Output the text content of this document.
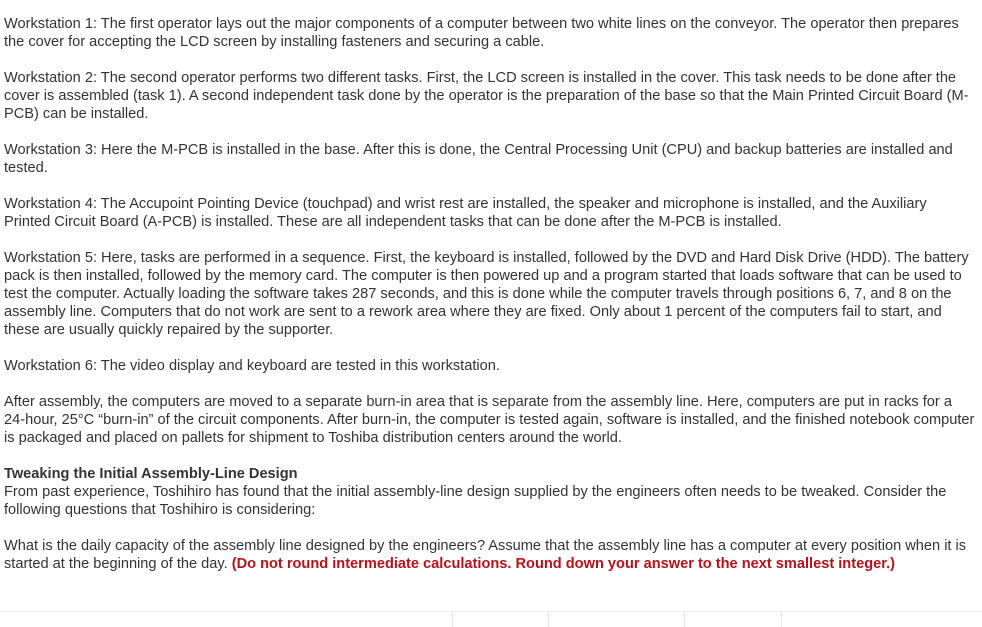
Workstation 1: The first operator lays out the major components of a computer between two white lines on the conveyor. The operator then prepares the cover for accepting the LCD screen by installing fasteners and securing a cable.

Workstation 2: The second operator performs two different tasks. First, the LCD screen is installed in the cover. This task needs to be done after the cover is assembled (task 1). A second independent task done by the operator is the preparation of the base so that the Main Printed Circuit Board (M-PCB) can be installed.

Workstation 3: Here the M-PCB is installed in the base. After this is done, the Central Processing Unit (CPU) and backup batteries are installed and tested.

Workstation 4: The Accupoint Pointing Device (touchpad) and wrist rest are installed, the speaker and microphone is installed, and the Auxiliary Printed Circuit Board (A-PCB) is installed. These are all independent tasks that can be done after the M-PCB is installed.

Workstation 5: Here, tasks are performed in a sequence. First, the keyboard is installed, followed by the DVD and Hard Disk Drive (HDD). The battery pack is then installed, followed by the memory card. The computer is then powered up and a program started that loads software that can be used to test the computer. Actually loading the software takes 287 seconds, and this is done while the computer travels through positions 6, 7, and 8 on the assembly line. Computers that do not work are sent to a rework area where they are fixed. Only about 1 percent of the computers fail to start, and these are usually quickly repaired by the supporter.

Workstation 6: The video display and keyboard are tested in this workstation.

After assembly, the computers are moved to a separate burn-in area that is separate from the assembly line. Here, computers are put in racks for a 24-hour, 25°C “burn-in” of the circuit components. After burn-in, the computer is tested again, software is installed, and the finished notebook computer is packaged and placed on pallets for shipment to Toshiba distribution centers around the world.

Tweaking the Initial Assembly-Line Design
From past experience, Toshihiro has found that the initial assembly-line design supplied by the engineers often needs to be tweaked. Consider the following questions that Toshihiro is considering:

What is the daily capacity of the assembly line designed by the engineers? Assume that the assembly line has a computer at every position when it is started at the beginning of the day. (Do not round intermediate calculations. Round down your answer to the next smallest integer.)
